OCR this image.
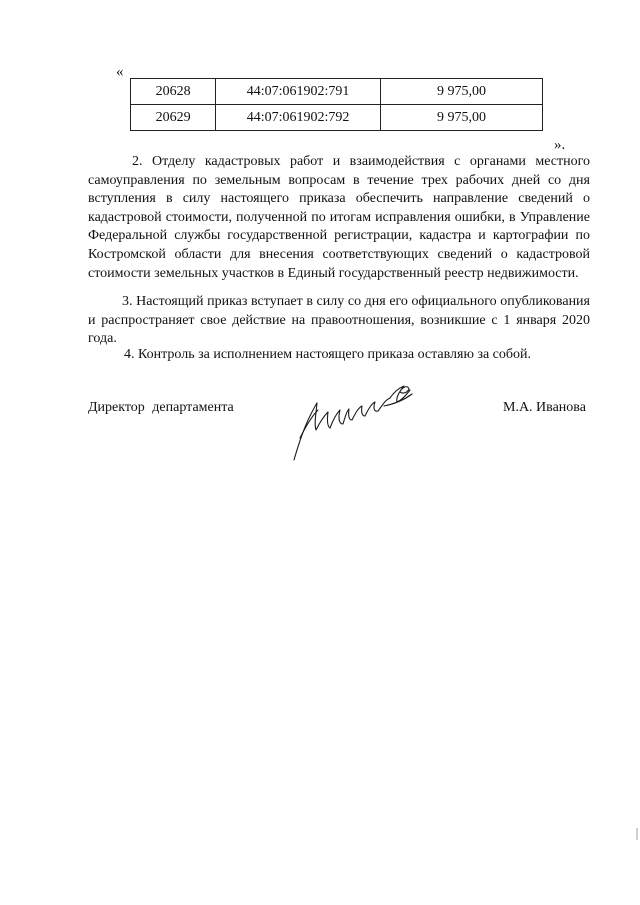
«
20628	44:07:061902:791	9 975,00
20629	44:07:061902:792	9 975,00
».

2. Отделу кадастровых работ и взаимодействия с органами местного самоуправления по земельным вопросам в течение трех рабочих дней со дня вступления в силу настоящего приказа обеспечить направление сведений о кадастровой стоимости, полученной по итогам исправления ошибки, в Управление Федеральной службы государственной регистрации, кадастра и картографии по Костромской области для внесения соответствующих сведений о кадастровой стоимости земельных участков в Единый государственный реестр недвижимости.

3. Настоящий приказ вступает в силу со дня его официального опубликования и распространяет свое действие на правоотношения, возникшие с 1 января 2020 года.

4. Контроль за исполнением настоящего приказа оставляю за собой.

Директор департамента	М.А. Иванова
